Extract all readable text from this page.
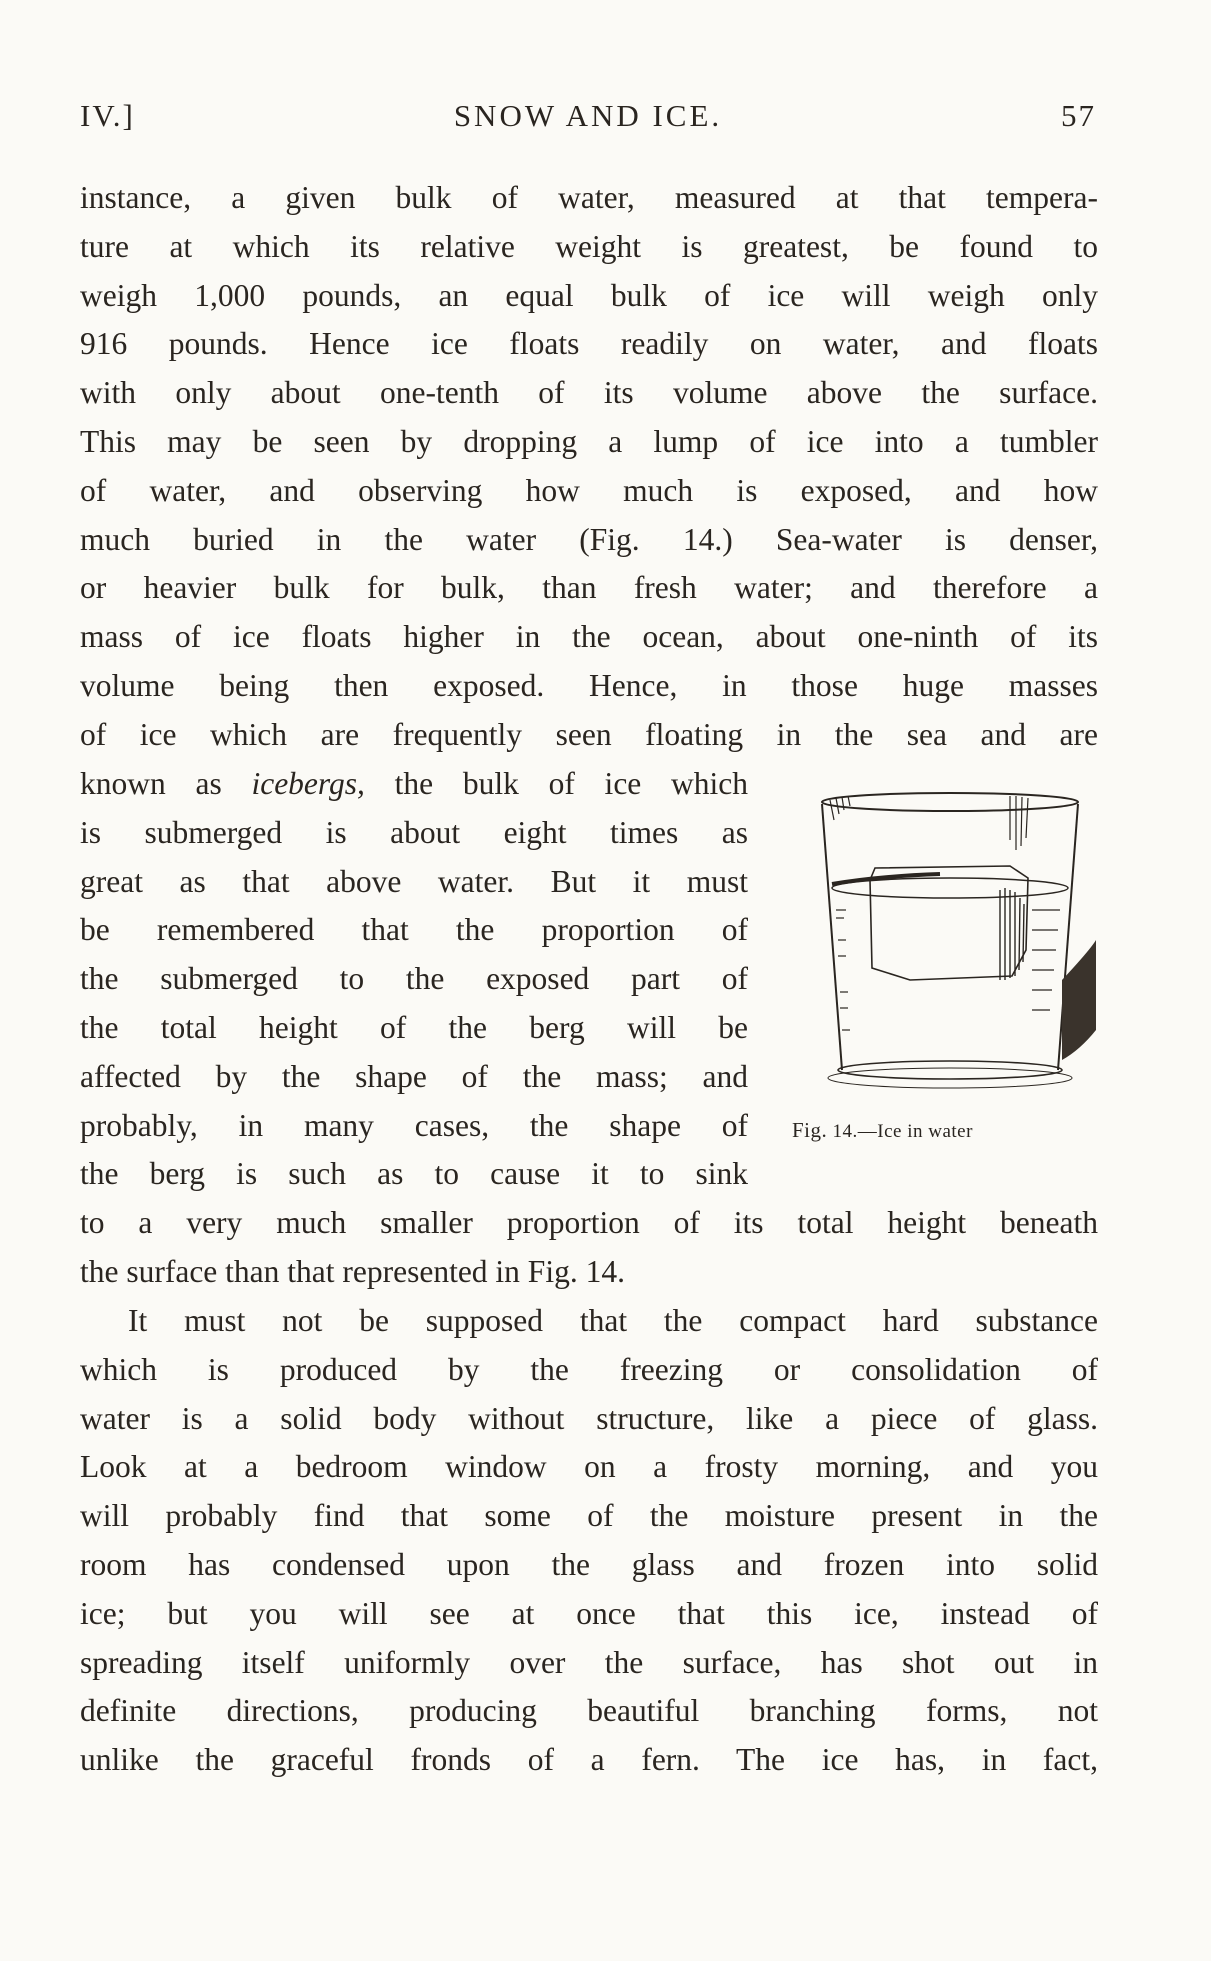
IV.]	SNOW AND ICE.	57
instance, a given bulk of water, measured at that tempera-
ture at which its relative weight is greatest, be found to
weigh 1,000 pounds, an equal bulk of ice will weigh only
916 pounds. Hence ice floats readily on water, and floats
with only about one-tenth of its volume above the surface.
This may be seen by dropping a lump of ice into a tumbler
of water, and observing how much is exposed, and how
much buried in the water (Fig. 14.) Sea-water is denser,
or heavier bulk for bulk, than fresh water; and therefore a
mass of ice floats higher in the ocean, about one-ninth of its
volume being then exposed. Hence, in those huge masses
of ice which are frequently seen floating in the sea and are
known as icebergs, the bulk of ice which
is submerged is about eight times as
great as that above water. But it must
be remembered that the proportion of
the submerged to the exposed part of
the total height of the berg will be
affected by the shape of the mass; and
probably, in many cases, the shape of
the berg is such as to cause it to sink
Fig. 14.—Ice in water
to a very much smaller proportion of its total height beneath
the surface than that represented in Fig. 14.
It must not be supposed that the compact hard substance
which is produced by the freezing or consolidation of
water is a solid body without structure, like a piece of glass.
Look at a bedroom window on a frosty morning, and you
will probably find that some of the moisture present in the
room has condensed upon the glass and frozen into solid
ice; but you will see at once that this ice, instead of
spreading itself uniformly over the surface, has shot out in
definite directions, producing beautiful branching forms, not
unlike the graceful fronds of a fern. The ice has, in fact,
